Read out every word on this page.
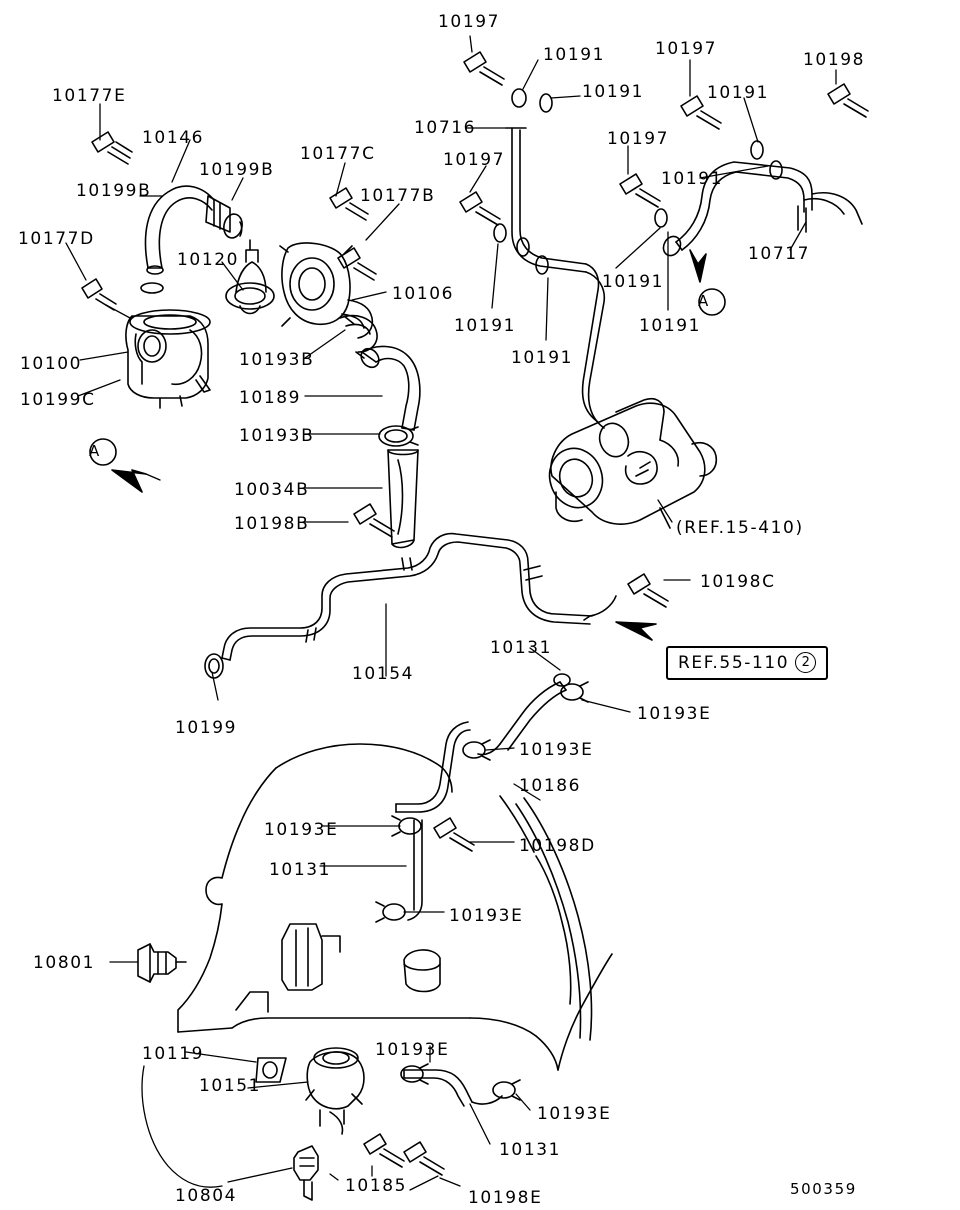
10177E
10146
10199B
10199B
10177C
10177B
10177D
10120
10106
10100
10199C
10193B
10189
10193B
10034B
10198B
10199
10197
10191	10197
10198
10191	10191
10716
10197
10191
10197
10717
10191
10191
10191
10191
10198C
10154
10131
10193E
10193E
10186
10193E
10198D
10131
10193E
10801
10119	10193E
10151
10193E
10131
10804	10185
10198E
A
A
(REF.15-410)
REF.55-110 2
500359
